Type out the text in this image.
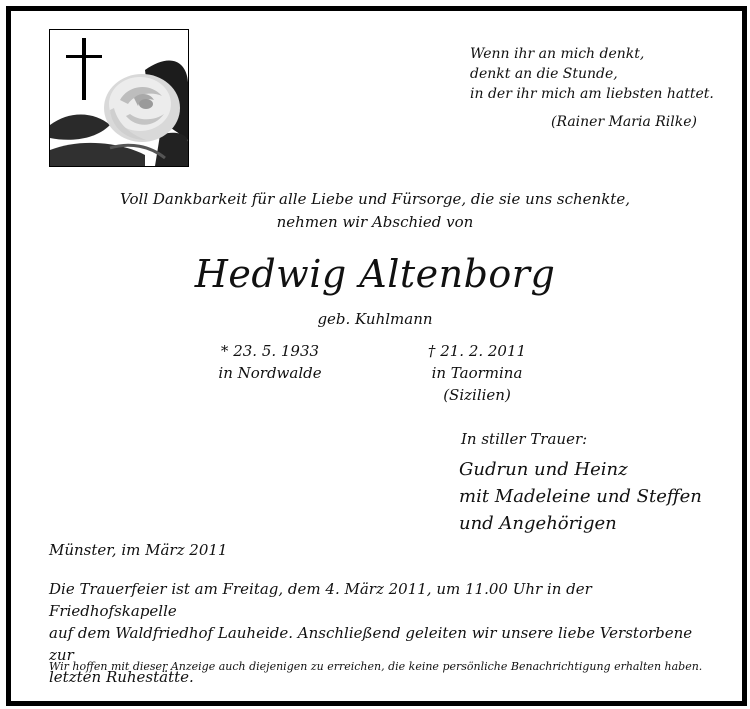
Wenn ihr an mich denkt,
denkt an die Stunde,
in der ihr mich am liebsten hattet.
(Rainer Maria Rilke)
Voll Dankbarkeit für alle Liebe und Fürsorge, die sie uns schenkte,
nehmen wir Abschied von
Hedwig Altenborg
geb. Kuhlmann
* 23. 5. 1933
in Nordwalde
† 21. 2. 2011
in Taormina
(Sizilien)
In stiller Trauer:
Gudrun und Heinz
mit Madeleine und Steffen
und Angehörigen
Münster, im März 2011
Die Trauerfeier ist am Freitag, dem 4. März 2011, um 11.00 Uhr in der Friedhofskapelle
auf dem Waldfriedhof Lauheide. Anschließend geleiten wir unsere liebe Verstorbene zur
letzten Ruhestätte.
Wir hoffen mit dieser Anzeige auch diejenigen zu erreichen, die keine persönliche Benachrichtigung erhalten haben.
